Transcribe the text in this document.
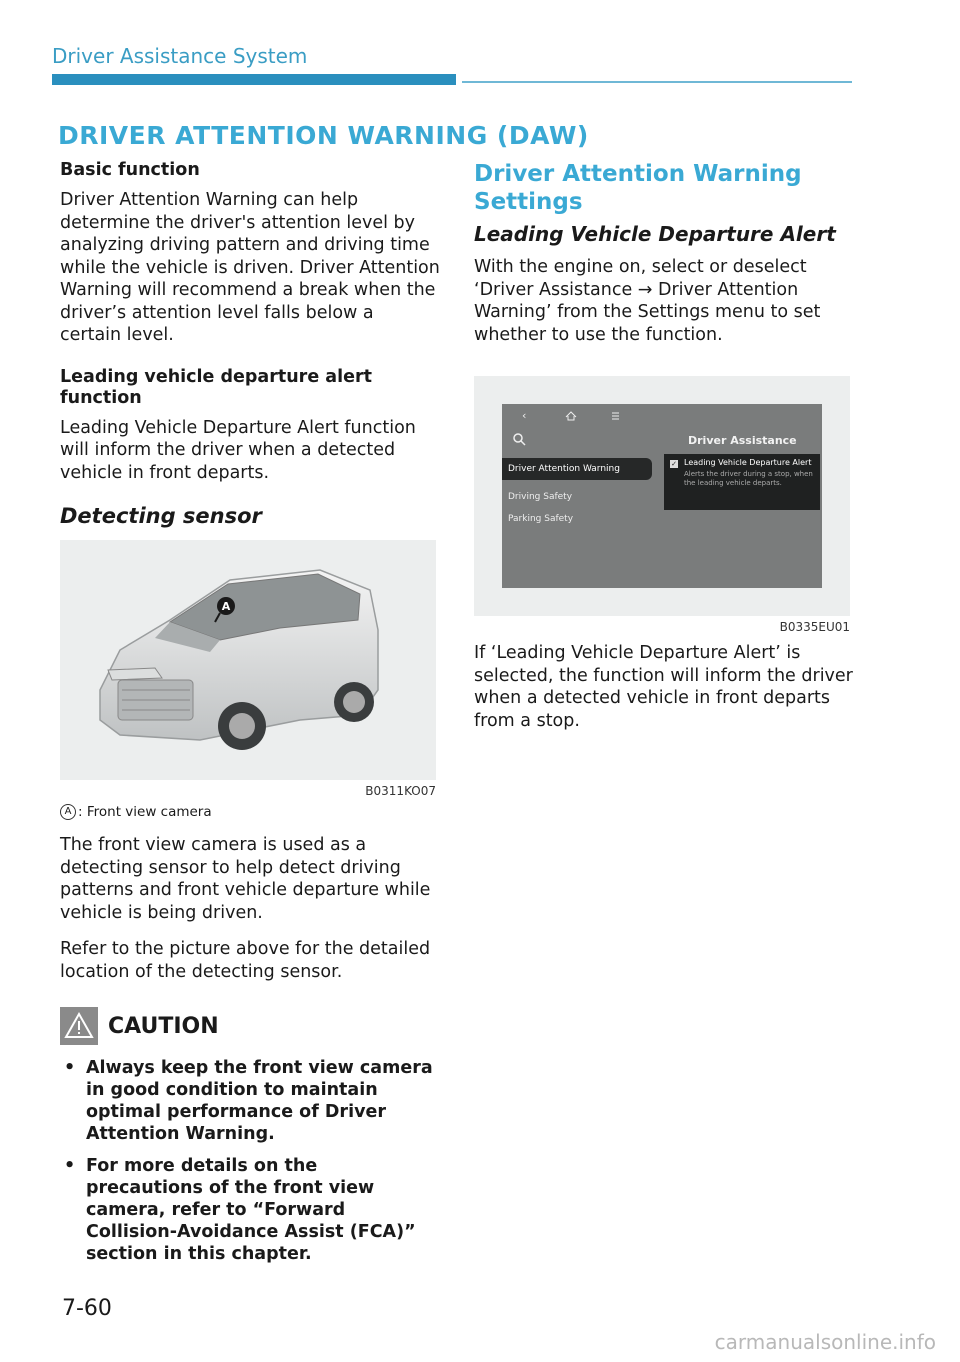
Driver Assistance System
DRIVER ATTENTION WARNING (DAW)
Basic function

Driver Attention Warning can help determine the driver's attention level by analyzing driving pattern and driving time while the vehicle is driven. Driver Attention Warning will recommend a break when the driver’s attention level falls below a certain level.

Leading vehicle departure alert function

Leading Vehicle Departure Alert function will inform the driver when a detected vehicle in front departs.

Detecting sensor
A
B0311KO07
A : Front view camera

The front view camera is used as a detecting sensor to help detect driving patterns and front vehicle departure while vehicle is being driven.

Refer to the picture above for the detailed location of the detecting sensor.

CAUTION
• Always keep the front view camera in good condition to maintain optimal performance of Driver Attention Warning.
• For more details on the precautions of the front view camera, refer to “Forward Collision-Avoidance Assist (FCA)” section in this chapter.
Driver Attention Warning Settings
Leading Vehicle Departure Alert

With the engine on, select or deselect ‘Driver Assistance → Driver Attention Warning’ from the Settings menu to set whether to use the function.

‹
Driver Assistance
Driver Attention Warning
Driving Safety
Parking Safety
✓ Leading Vehicle Departure Alert
Alerts the driver during a stop, when the leading vehicle departs.
B0335EU01

If ‘Leading Vehicle Departure Alert’ is selected, the function will inform the driver when a detected vehicle in front departs from a stop.

7-60
carmanualsonline.info
